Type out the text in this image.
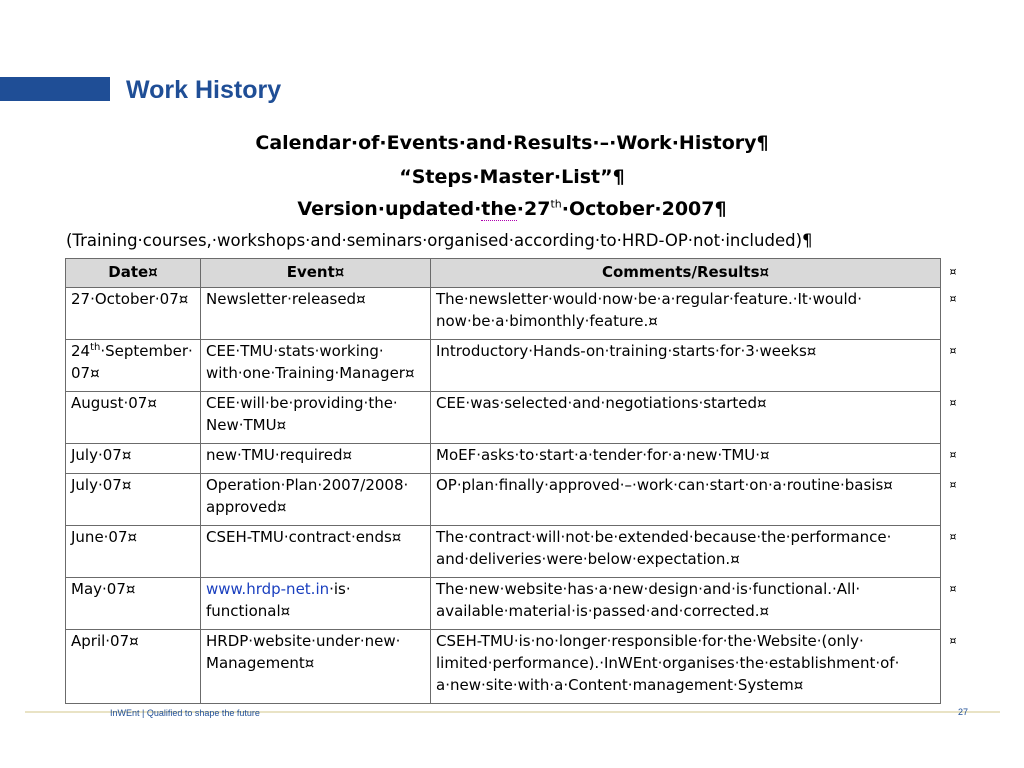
Work History
Calendar·of·Events·and·Results·–·Work·History¶
“Steps·Master·List”¶
Version·updated·the·27th·October·2007¶
(Training·courses,·workshops·and·seminars·organised·according·to·HRD-OP·not·included)¶
Date¤	Event¤	Comments/Results¤	¤
27·October·07¤	Newsletter·released¤	The·newsletter·would·now·be·a·regular·feature.·It·would· now·be·a·bimonthly·feature.¤	¤
24th·September· 07¤	CEE·TMU·stats·working· with·one·Training·Manager¤	Introductory·Hands-on·training·starts·for·3·weeks¤	¤
August·07¤	CEE·will·be·providing·the· New·TMU¤	CEE·was·selected·and·negotiations·started¤	¤
July·07¤	new·TMU·required¤	MoEF·asks·to·start·a·tender·for·a·new·TMU·¤	¤
July·07¤	Operation·Plan·2007/2008· approved¤	OP·plan·finally·approved·–·work·can·start·on·a·routine·basis¤	¤
June·07¤	CSEH-TMU·contract·ends¤	The·contract·will·not·be·extended·because·the·performance· and·deliveries·were·below·expectation.¤	¤
May·07¤	www.hrdp-net.in·is· functional¤	The·new·website·has·a·new·design·and·is·functional.·All· available·material·is·passed·and·corrected.¤	¤
April·07¤	HRDP·website·under·new· Management¤	CSEH-TMU·is·no·longer·responsible·for·the·Website·(only· limited·performance).·InWEnt·organises·the·establishment·of· a·new·site·with·a·Content·management·System¤	¤
InWEnt | Qualified to shape the future	27
